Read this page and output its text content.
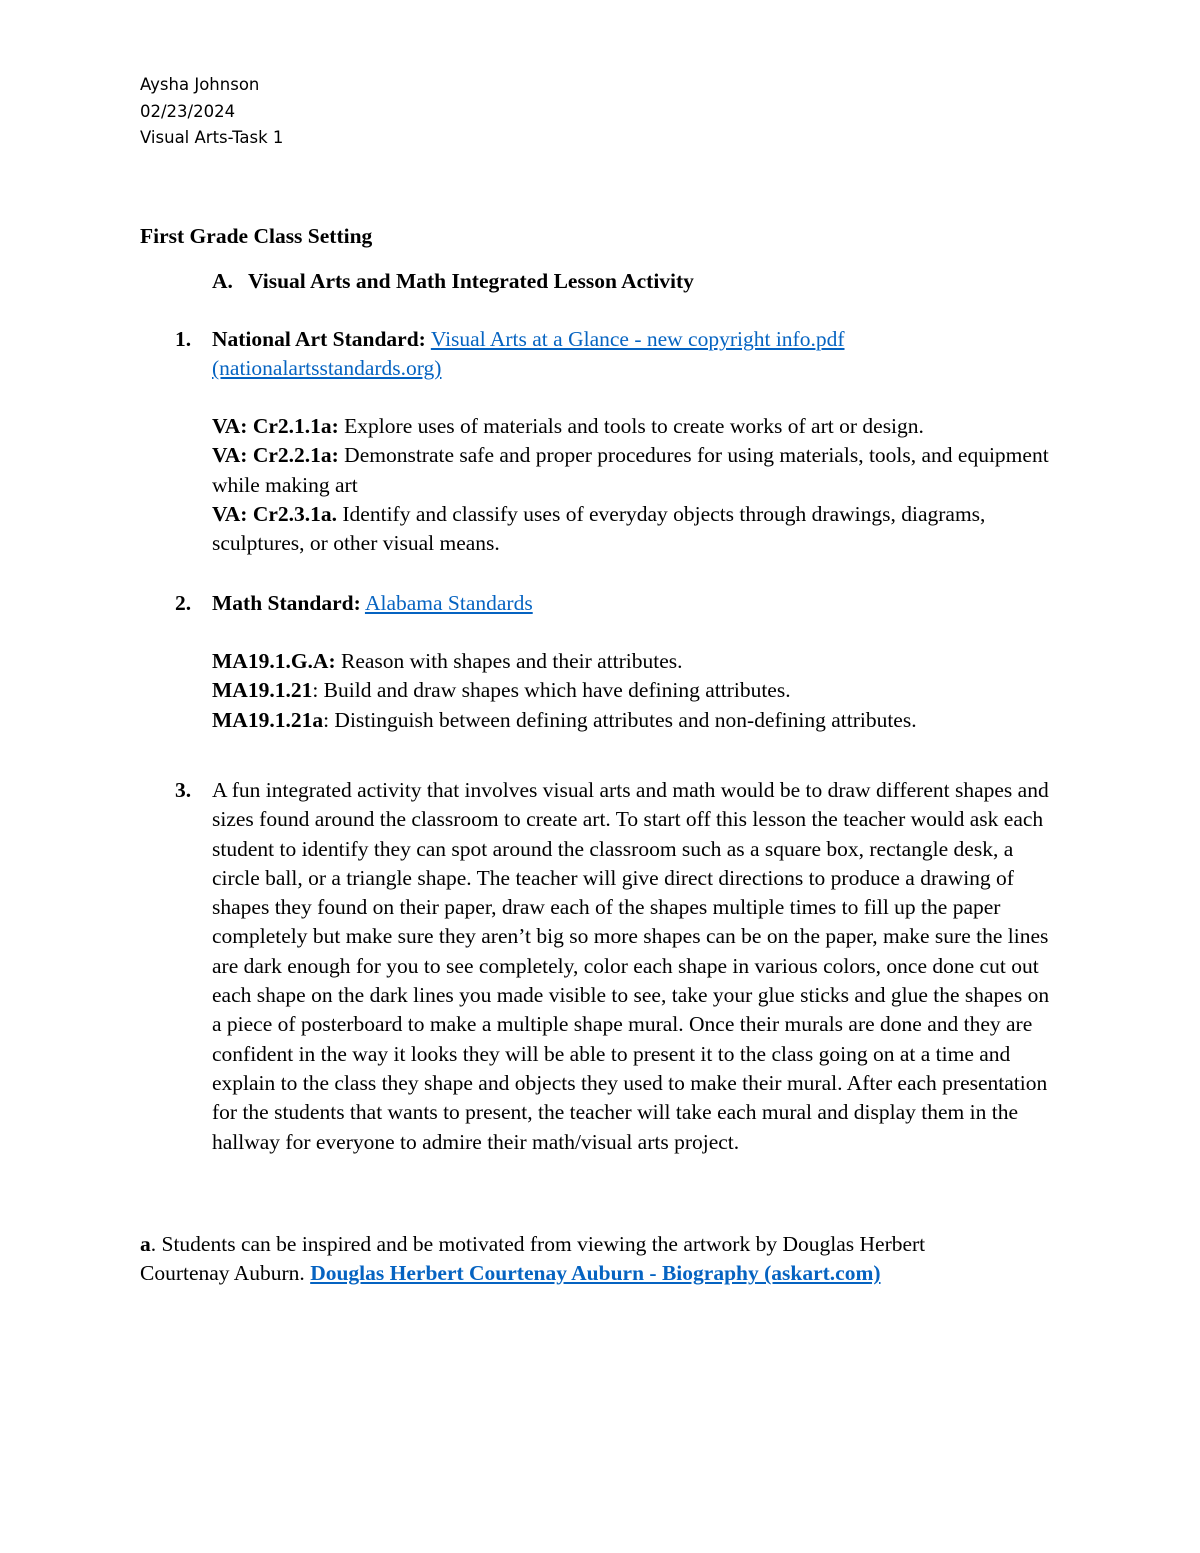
Aysha Johnson
02/23/2024
Visual Arts-Task 1
First Grade Class Setting
A. Visual Arts and Math Integrated Lesson Activity
1. National Art Standard: Visual Arts at a Glance - new copyright info.pdf
(nationalartsstandards.org)
VA: Cr2.1.1a: Explore uses of materials and tools to create works of art or design.
VA: Cr2.2.1a: Demonstrate safe and proper procedures for using materials, tools, and equipment while making art
VA: Cr2.3.1a. Identify and classify uses of everyday objects through drawings, diagrams, sculptures, or other visual means.
2. Math Standard: Alabama Standards
MA19.1.G.A: Reason with shapes and their attributes.
MA19.1.21: Build and draw shapes which have defining attributes.
MA19.1.21a: Distinguish between defining attributes and non-defining attributes.
3. A fun integrated activity that involves visual arts and math would be to draw different shapes and sizes found around the classroom to create art. To start off this lesson the teacher would ask each student to identify they can spot around the classroom such as a square box, rectangle desk, a circle ball, or a triangle shape. The teacher will give direct directions to produce a drawing of shapes they found on their paper, draw each of the shapes multiple times to fill up the paper completely but make sure they aren’t big so more shapes can be on the paper, make sure the lines are dark enough for you to see completely, color each shape in various colors, once done cut out each shape on the dark lines you made visible to see, take your glue sticks and glue the shapes on a piece of posterboard to make a multiple shape mural. Once their murals are done and they are confident in the way it looks they will be able to present it to the class going on at a time and explain to the class they shape and objects they used to make their mural. After each presentation for the students that wants to present, the teacher will take each mural and display them in the hallway for everyone to admire their math/visual arts project.
a. Students can be inspired and be motivated from viewing the artwork by Douglas Herbert Courtenay Auburn. Douglas Herbert Courtenay Auburn - Biography (askart.com)
